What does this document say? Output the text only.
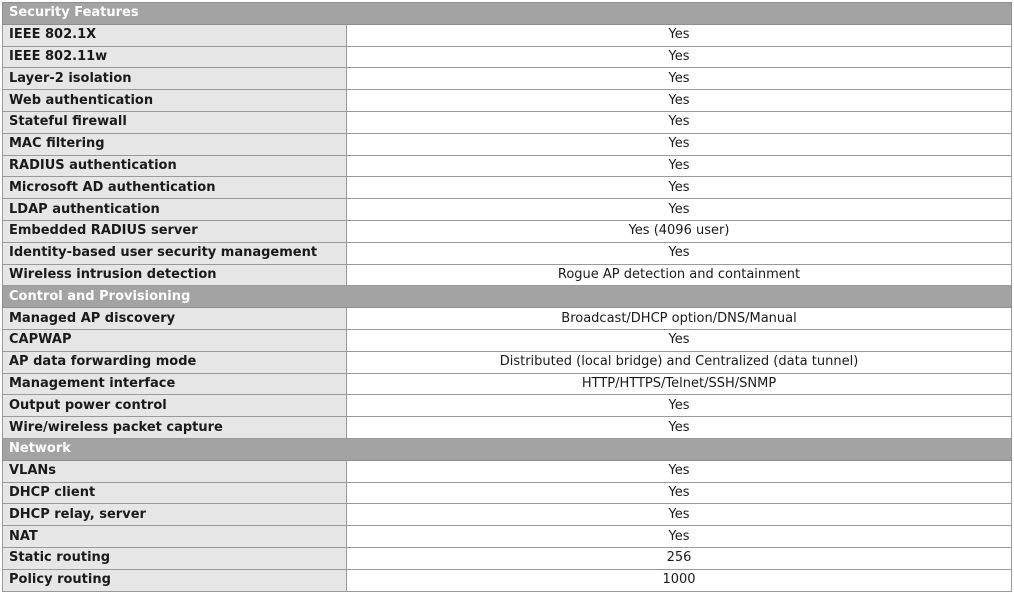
Security Features	
IEEE 802.1X	Yes
IEEE 802.11w	Yes
Layer-2 isolation	Yes
Web authentication	Yes
Stateful firewall	Yes
MAC filtering	Yes
RADIUS authentication	Yes
Microsoft AD authentication	Yes
LDAP authentication	Yes
Embedded RADIUS server	Yes (4096 user)
Identity-based user security management	Yes
Wireless intrusion detection	Rogue AP detection and containment
Control and Provisioning	
Managed AP discovery	Broadcast/DHCP option/DNS/Manual
CAPWAP	Yes
AP data forwarding mode	Distributed (local bridge) and Centralized (data tunnel)
Management interface	HTTP/HTTPS/Telnet/SSH/SNMP
Output power control	Yes
Wire/wireless packet capture	Yes
Network	
VLANs	Yes
DHCP client	Yes
DHCP relay, server	Yes
NAT	Yes
Static routing	256
Policy routing	1000
